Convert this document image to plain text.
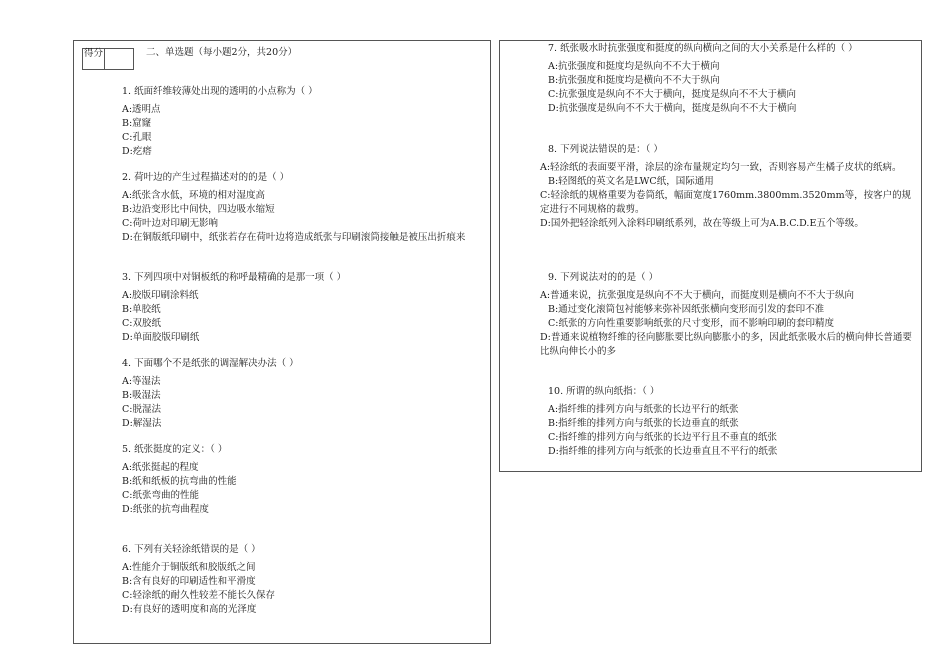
得分	二、单选题（每小题2分，共20分）

1. 纸面纤维较薄处出现的透明的小点称为（ ）

A:透明点

B:窟窿

C:孔眼

D:疙瘩

2. 荷叶边的产生过程描述对的的是（ ）

A:纸张含水低，环境的相对湿度高

B:边沿变形比中间快，四边吸水缩短

C:荷叶边对印刷无影响

D:在铜版纸印刷中，纸张若存在荷叶边将造成纸张与印刷滚筒接触是被压出折痕来

3. 下列四项中对铜板纸的称呼最精确的是那一项（ ）

A:胶版印刷涂料纸

B:单胶纸

C:双胶纸

D:单面胶版印刷纸

4. 下面哪个不是纸张的调湿解决办法（ ）

A:等湿法

B:吸湿法

C:脱湿法

D:解湿法

5. 纸张挺度的定义：（ ）

A:纸张挺起的程度

B:纸和纸板的抗弯曲的性能

C:纸张弯曲的性能

D:纸张的抗弯曲程度

6. 下列有关轻涂纸错误的是（ ）

A:性能介于铜版纸和胶版纸之间

B:含有良好的印刷适性和平滑度

C:轻涂纸的耐久性较差不能长久保存

D:有良好的透明度和高的光泽度

7. 纸张吸水时抗张强度和挺度的纵向横向之间的大小关系是什么样的（ ）

A:抗张强度和挺度均是纵向不不大于横向

B:抗张强度和挺度均是横向不不大于纵向

C:抗张强度是纵向不不大于横向，挺度是纵向不不大于横向

D:抗张强度是纵向不不大于横向，挺度是纵向不不大于横向

8. 下列说法错误的是：（ ）

A:轻涂纸的表面要平滑，涂层的涂布量规定均匀一致，否则容易产生橘子皮状的纸病。

B:轻图纸的英文名是LWC纸，国际通用

C:轻涂纸的规格重要为卷筒纸，幅面宽度1760mm.3800mm.3520mm等，按客户的规定进行不同规格的裁剪。

D:国外把轻涂纸列入涂料印刷纸系列，故在等级上可为A.B.C.D.E五个等级。

9. 下列说法对的的是（ ）

A:普通来说，抗张强度是纵向不不大于横向，而挺度则是横向不不大于纵向

B:通过变化滚筒包衬能够来弥补因纸张横向变形而引发的套印不准

C:纸张的方向性重要影响纸张的尺寸变形，而不影响印刷的套印精度

D:普通来说植物纤维的径向膨胀要比纵向膨胀小的多，因此纸张吸水后的横向伸长普通要比纵向伸长小的多

10. 所谓的纵向纸指：（ ）

A:指纤维的排列方向与纸张的长边平行的纸张

B:指纤维的排列方向与纸张的长边垂直的纸张

C:指纤维的排列方向与纸张的长边平行且不垂直的纸张

D:指纤维的排列方向与纸张的长边垂直且不平行的纸张
